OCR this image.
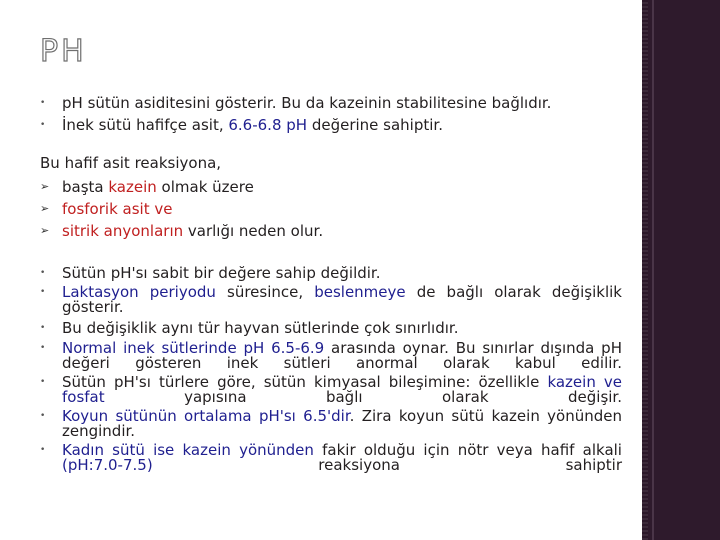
PH
• pH sütün asiditesini gösterir. Bu da kazeinin stabilitesine bağlıdır.
• İnek sütü hafifçe asit, 6.6-6.8 pH değerine sahiptir.
Bu hafif asit reaksiyona,
➢ başta kazein olmak üzere
➢ fosforik asit ve
➢ sitrik anyonların varlığı neden olur.
• Sütün pH'sı sabit bir değere sahip değildir.
• Laktasyon periyodu süresince, beslenmeye de bağlı olarak değişiklik gösterir.
• Bu değişiklik aynı tür hayvan sütlerinde çok sınırlıdır.
• Normal inek sütlerinde pH 6.5-6.9 arasında oynar. Bu sınırlar dışında pH değeri gösteren inek sütleri anormal olarak kabul edilir.
• Sütün pH'sı türlere göre, sütün kimyasal bileşimine: özellikle kazein ve fosfat yapısına bağlı olarak değişir.
• Koyun sütünün ortalama pH'sı 6.5'dir. Zira koyun sütü kazein yönünden zengindir.
• Kadın sütü ise kazein yönünden fakir olduğu için nötr veya hafif alkali (pH:7.0-7.5) reaksiyona sahiptir
